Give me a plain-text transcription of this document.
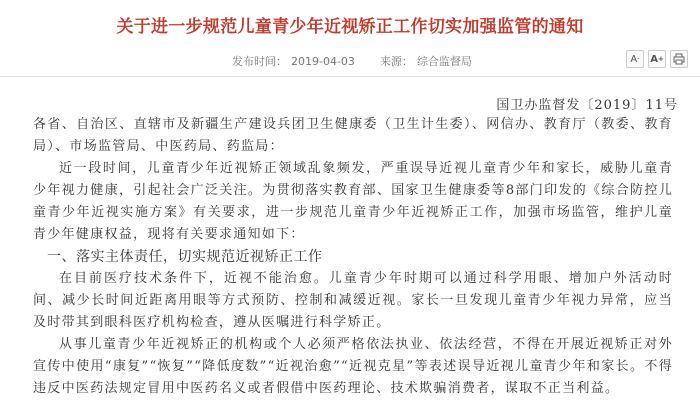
关于进一步规范儿童青少年近视矫正工作切实加强监管的通知
发布时间： 2019-04-03 来源： 综合监督局	A - A +
国卫办监督发〔2019〕11号

各省、自治区、直辖市及新疆生产建设兵团卫生健康委（卫生计生委）、网信办、教育厅（教委、教育局）、市场监管局、中医药局、药监局：

近一段时间，儿童青少年近视矫正领域乱象频发，严重误导近视儿童青少年和家长，威胁儿童青少年视力健康，引起社会广泛关注。为贯彻落实教育部、国家卫生健康委等8部门印发的《综合防控儿童青少年近视实施方案》有关要求，进一步规范儿童青少年近视矫正工作，加强市场监管，维护儿童青少年健康权益，现将有关要求通知如下：

一、落实主体责任，切实规范近视矫正工作

在目前医疗技术条件下，近视不能治愈。儿童青少年时期可以通过科学用眼、增加户外活动时间、减少长时间近距离用眼等方式预防、控制和减缓近视。家长一旦发现儿童青少年视力异常，应当及时带其到眼科医疗机构检查，遵从医嘱进行科学矫正。

从事儿童青少年近视矫正的机构或个人必须严格依法执业、依法经营，不得在开展近视矫正对外宣传中使用“康复”“恢复”“降低度数”“近视治愈”“近视克星”等表述误导近视儿童青少年和家长。不得违反中医药法规定冒用中医药名义或者假借中医药理论、技术欺骗消费者，谋取不正当利益。
